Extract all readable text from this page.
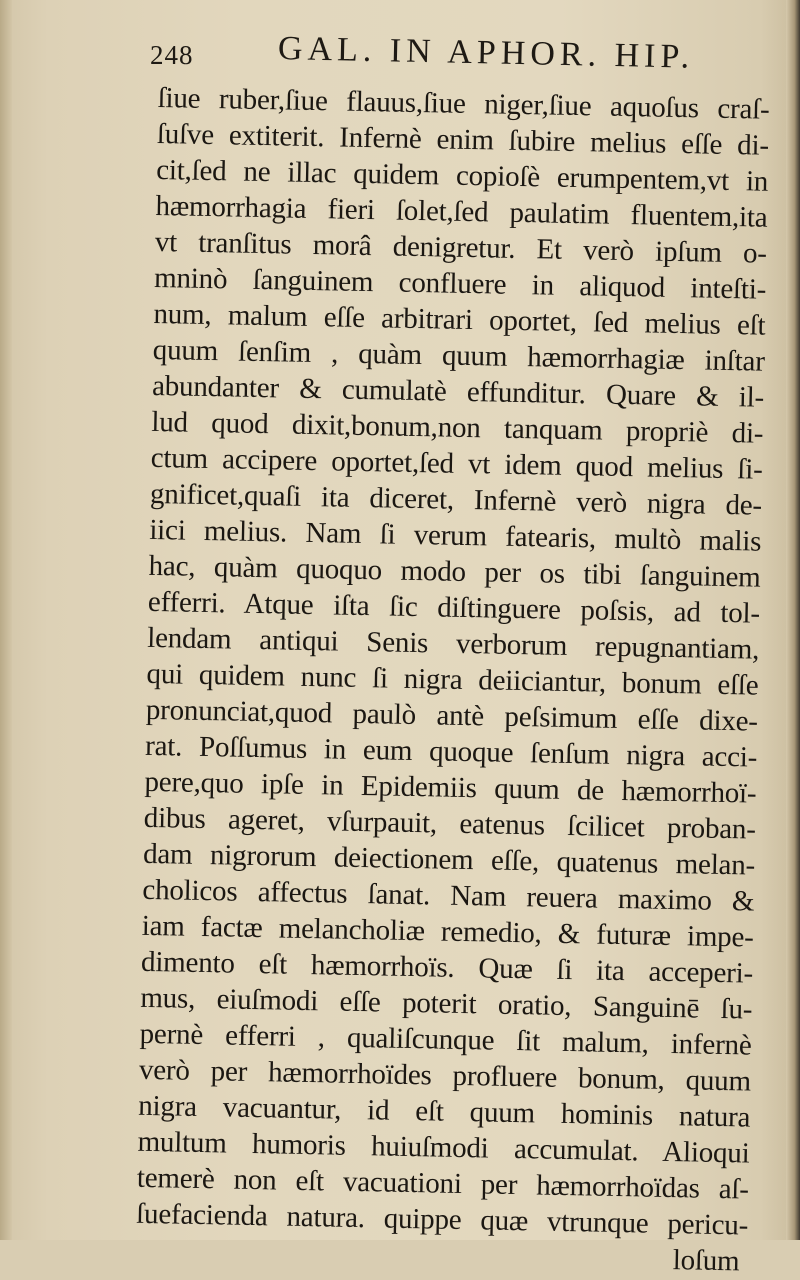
248 GAL. IN APHOR. HIP.
ſiue ruber,ſiue flauus,ſiue niger,ſiue aquoſus craſ-
ſuſve extiterit. Infernè enim ſubire melius eſſe di-
cit,ſed ne illac quidem copioſè erumpentem,vt in
hæmorrhagia fieri ſolet,ſed paulatim fluentem,ita
vt tranſitus morâ denigretur. Et verò ipſum o-
mninò ſanguinem confluere in aliquod inteſti-
num, malum eſſe arbitrari oportet, ſed melius eſt
quum ſenſim , quàm quum hæmorrhagiæ inſtar
abundanter & cumulatè effunditur. Quare & il-
lud quod dixit,bonum,non tanquam propriè di-
ctum accipere oportet,ſed vt idem quod melius ſi-
gnificet,quaſi ita diceret, Infernè verò nigra de-
iici melius. Nam ſi verum fatearis, multò malis
hac, quàm quoquo modo per os tibi ſanguinem
efferri. Atque iſta ſic diſtinguere poſsis, ad tol-
lendam antiqui Senis verborum repugnantiam,
qui quidem nunc ſi nigra deiiciantur, bonum eſſe
pronunciat,quod paulò antè peſsimum eſſe dixe-
rat. Poſſumus in eum quoque ſenſum nigra acci-
pere,quo ipſe in Epidemiis quum de hæmorrhoï-
dibus ageret, vſurpauit, eatenus ſcilicet proban-
dam nigrorum deiectionem eſſe, quatenus melan-
cholicos affectus ſanat. Nam reuera maximo &
iam factæ melancholiæ remedio, & futuræ impe-
dimento eſt hæmorrhoïs. Quæ ſi ita acceperi-
mus, eiuſmodi eſſe poterit oratio, Sanguinē ſu-
pernè efferri , qualiſcunque ſit malum, infernè
verò per hæmorrhoïdes profluere bonum, quum
nigra vacuantur, id eſt quum hominis natura
multum humoris huiuſmodi accumulat. Alioqui
temerè non eſt vacuationi per hæmorrhoïdas aſ-
ſuefacienda natura. quippe quæ vtrunque pericu-
loſum
